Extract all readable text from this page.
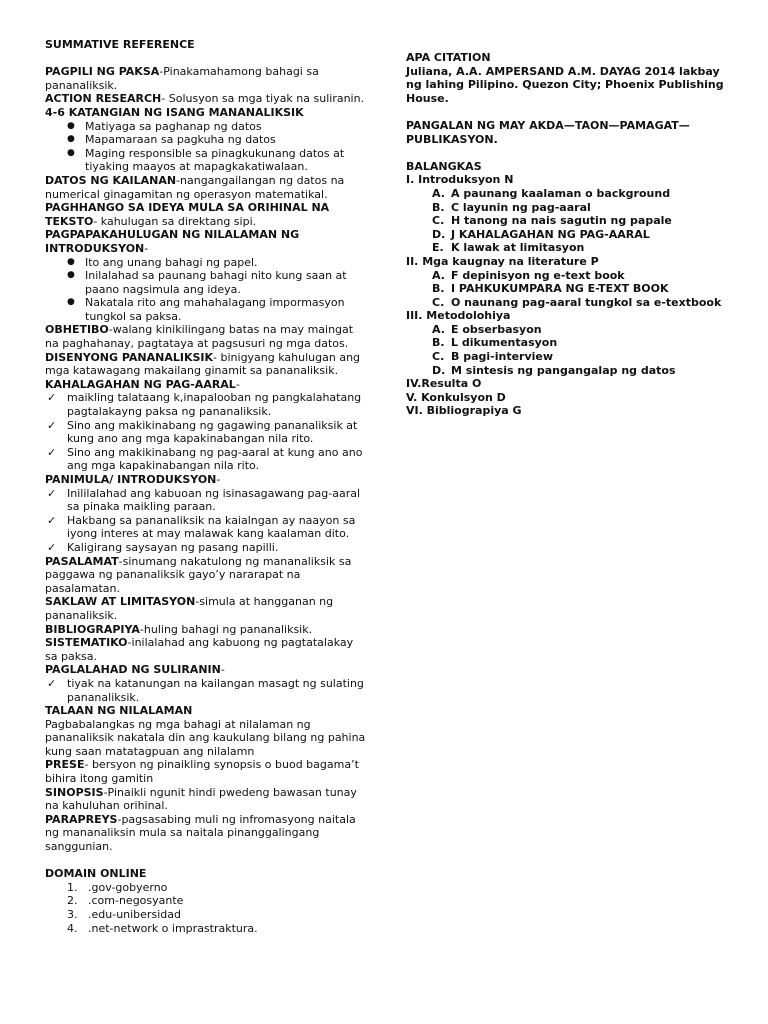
SUMMATIVE REFERENCE
PAGPILI NG PAKSA-Pinakamahamong bahagi sa pananaliksik.
ACTION RESEARCH- Solusyon sa mga tiyak na suliranin.
4-6 KATANGIAN NG ISANG MANANALIKSIK
● Matiyaga sa paghanap ng datos
● Mapamaraan sa pagkuha ng datos
● Maging responsible sa pinagkukunang datos at tiyaking maayos at mapagkakatiwalaan.
DATOS NG KAILANAN-nangangailangan ng datos na numerical ginagamitan ng operasyon matematikal.
PAGHHANGO SA IDEYA MULA SA ORIHINAL NA TEKSTO- kahulugan sa direktang sipi.
PAGPAPAKAHULUGAN NG NILALAMAN NG INTRODUKSYON-
● Ito ang unang bahagi ng papel.
● Inilalahad sa paunang bahagi nito kung saan at paano nagsimula ang ideya.
● Nakatala rito ang mahahalagang impormasyon tungkol sa paksa.
OBHETIBO-walang kinikilingang batas na may maingat na paghahanay, pagtataya at pagsusuri ng mga datos.
DISENYONG PANANALIKSIK- binigyang kahulugan ang mga katawagang makailang ginamit sa pananaliksik.
KAHALAGAHAN NG PAG-AARAL-
✓ maikling talataang k,inapalooban ng pangkalahatang pagtalakayng paksa ng pananaliksik.
✓ Sino ang makikinabang ng gagawing pananaliksik at kung ano ang mga kapakinabangan nila rito.
✓ Sino ang makikinabang ng pag-aaral at kung ano ano ang mga kapakinabangan nila rito.
PANIMULA/ INTRODUKSYON-
✓ Inililalahad ang kabuoan ng isinasagawang pag-aaral sa pinaka maikling paraan.
✓ Hakbang sa pananaliksik na kaialngan ay naayon sa iyong interes at may malawak kang kaalaman dito.
✓ Kaligirang saysayan ng pasang napilli.
PASALAMAT-sinumang nakatulong ng mananaliksik sa paggawa ng pananaliksik gayo’y nararapat na pasalamatan.
SAKLAW AT LIMITASYON-simula at hangganan ng pananaliksik.
BIBLIOGRAPIYA-huling bahagi ng pananaliksik.
SISTEMATIKO-inilalahad ang kabuong ng pagtatalakay sa paksa.
PAGLALAHAD NG SULIRANIN-
✓ tiyak na katanungan na kailangan masagt ng sulating pananaliksik.
TALAAN NG NILALAMAN
Pagbabalangkas ng mga bahagi at nilalaman ng pananaliksik nakatala din ang kaukulang bilang ng pahina kung saan matatagpuan ang nilalamn
PRESE- bersyon ng pinaikling synopsis o buod bagama’t bihira itong gamitin
SINOPSIS-Pinaikli ngunit hindi pwedeng bawasan tunay na kahuluhan orihinal.
PARAPREYS-pagsasabing muli ng infromasyong naitala ng mananaliksin mula sa naitala pinanggalingang sanggunian.
DOMAIN ONLINE
1. .gov-gobyerno
2. .com-negosyante
3. .edu-unibersidad
4. .net-network o imprastraktura.
APA CITATION
Juliana, A.A. AMPERSAND A.M. DAYAG 2014 lakbay ng lahing Pilipino. Quezon City; Phoenix Publishing House.
PANGALAN NG MAY AKDA—TAON—PAMAGAT—PUBLIKASYON.
BALANGKAS
I. Introduksyon N
A. A paunang kaalaman o background
B. C layunin ng pag-aaral
C. H tanong na nais sagutin ng papale
D. J KAHALAGAHAN NG PAG-AARAL
E. K lawak at limitasyon
II. Mga kaugnay na literature P
A. F depinisyon ng e-text book
B. I PAHKUKUMPARA NG E-TEXT BOOK
C. O naunang pag-aaral tungkol sa e-textbook
III. Metodolohiya
A. E obserbasyon
B. L dikumentasyon
C. B pagi-interview
D. M sintesis ng pangangalap ng datos
IV.Resulta O
V. Konkulsyon D
VI. Bibliograpiya G
